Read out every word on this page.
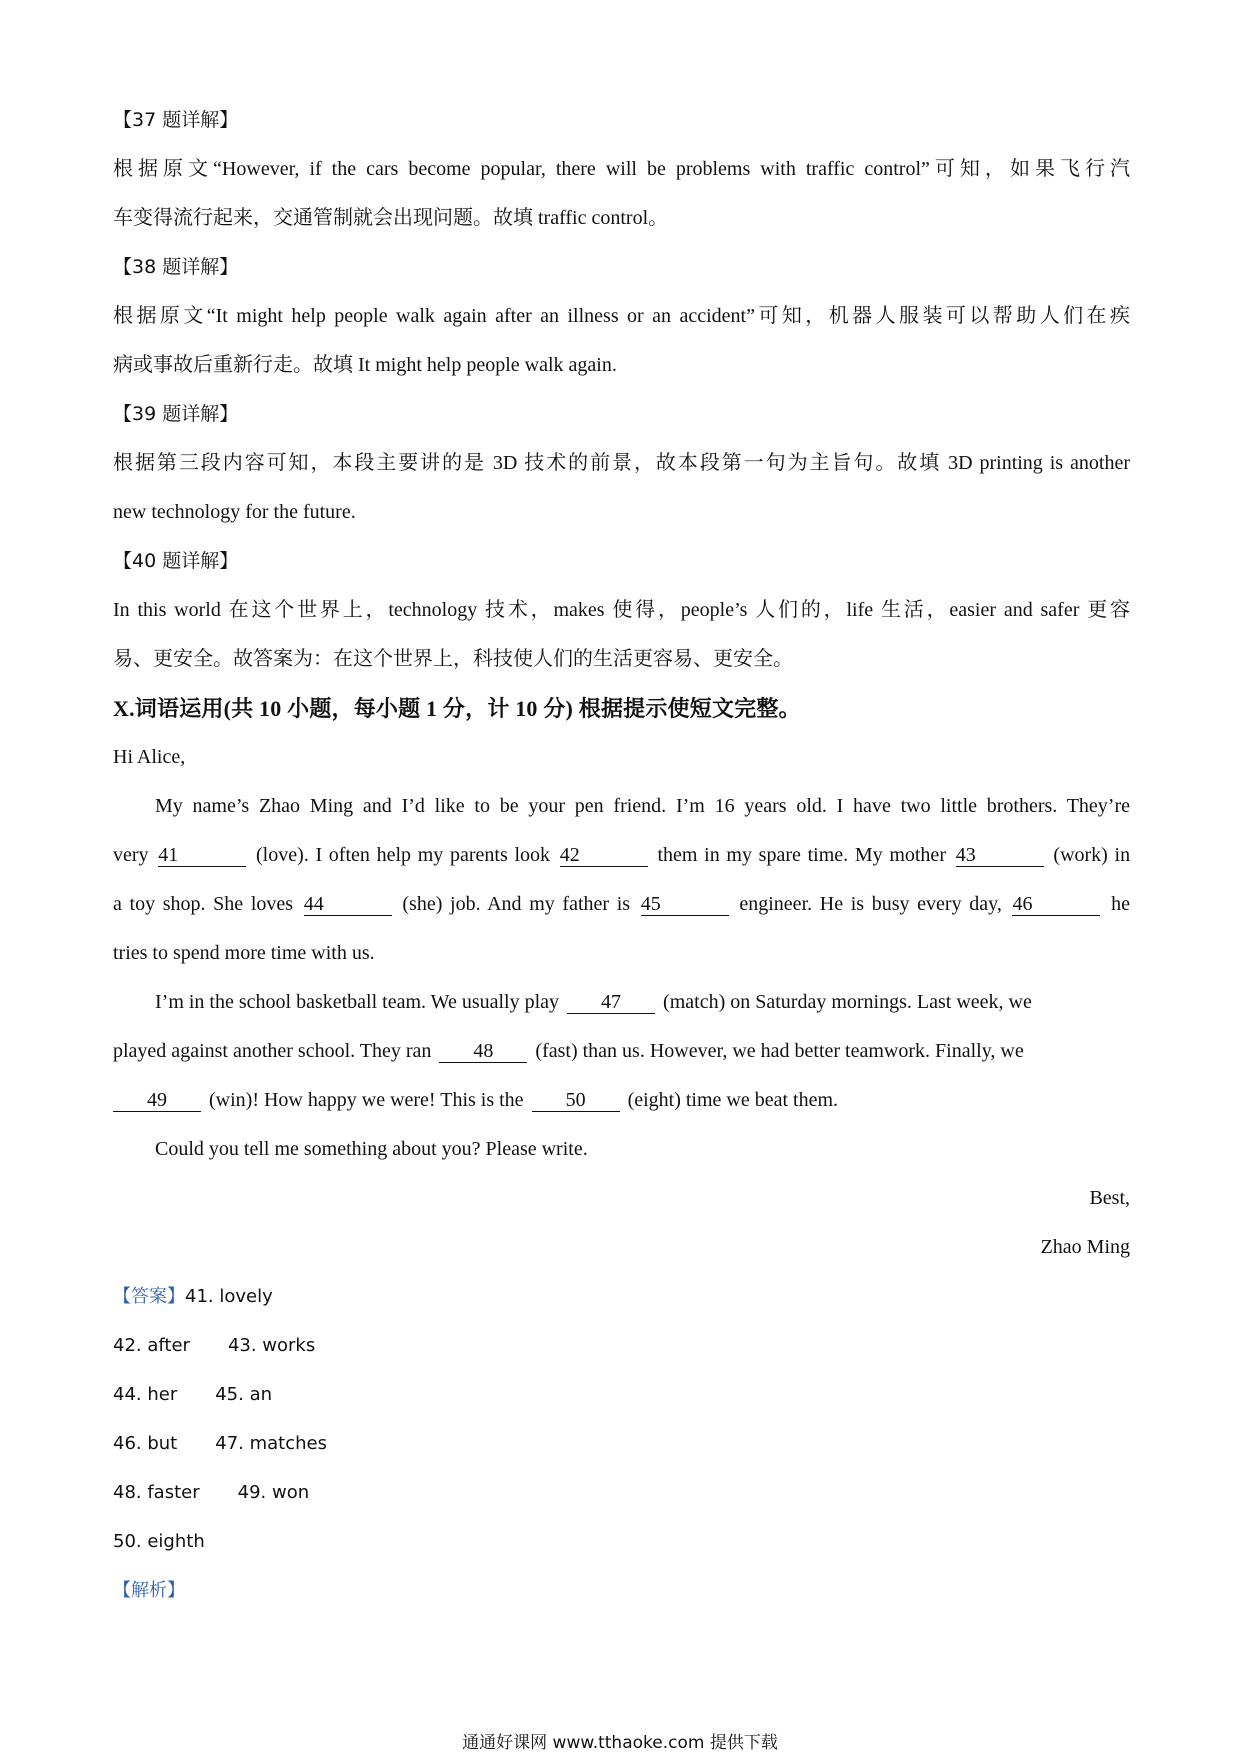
【37 题详解】
根据原文“However, if the cars become popular, there will be problems with traffic control”可知，如果飞行汽
车变得流行起来，交通管制就会出现问题。故填 traffic control。
【38 题详解】
根据原文“It might help people walk again after an illness or an accident”可知，机器人服装可以帮助人们在疾
病或事故后重新行走。故填 It might help people walk again.
【39 题详解】
根据第三段内容可知，本段主要讲的是 3D 技术的前景，故本段第一句为主旨句。故填 3D printing is another
new technology for the future.
【40 题详解】
In this world 在这个世界上，technology 技术，makes 使得，people’s 人们的，life 生活，easier and safer 更容
易、更安全。故答案为：在这个世界上，科技使人们的生活更容易、更安全。
X.词语运用(共 10 小题，每小题 1 分，计 10 分) 根据提示使短文完整。
Hi Alice,
My name’s Zhao Ming and I’d like to be your pen friend. I’m 16 years old. I have two little brothers. They’re
very 41	(love). I often help my parents look 42	them in my spare time. My mother 43	(work) in
a toy shop. She loves 44	(she) job. And my father is 45	engineer. He is busy every day, 46	he
tries to spend more time with us.
I’m in the school basketball team. We usually play 47 (match) on Saturday mornings. Last week, we
played against another school. They ran 48 (fast) than us. However, we had better teamwork. Finally, we
49 (win)! How happy we were! This is the 50 (eight) time we beat them.
Could you tell me something about you? Please write.
Best,
Zhao Ming
【答案】41. lovely
42. after 43. works
44. her 45. an
46. but 47. matches
48. faster 49. won
50. eighth
【解析】
通通好课网 www.tthaoke.com 提供下载
